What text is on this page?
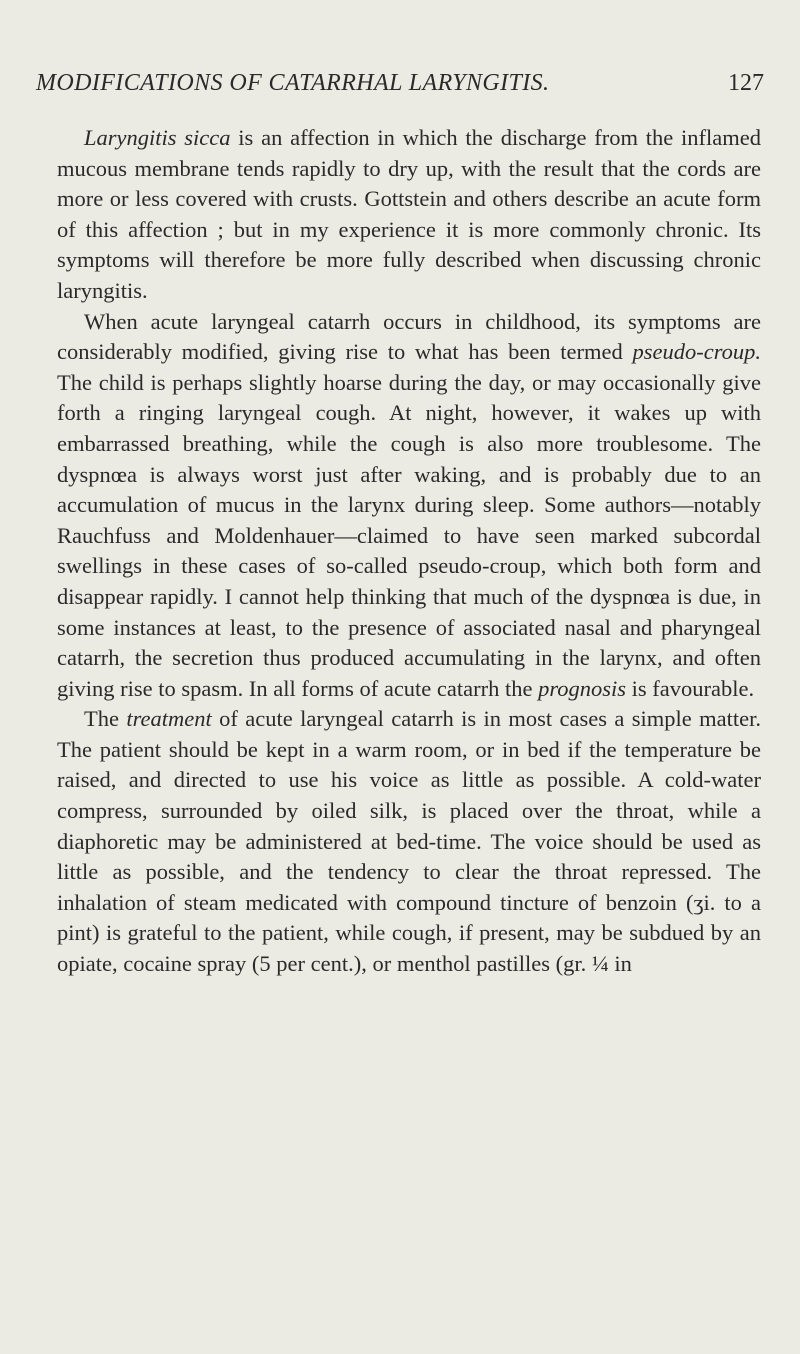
MODIFICATIONS OF CATARRHAL LARYNGITIS.	127

Laryngitis sicca is an affection in which the discharge from the inflamed mucous membrane tends rapidly to dry up, with the result that the cords are more or less covered with crusts. Gottstein and others describe an acute form of this affection ; but in my experience it is more commonly chronic. Its symptoms will therefore be more fully described when discussing chronic laryngitis.

When acute laryngeal catarrh occurs in childhood, its symptoms are considerably modified, giving rise to what has been termed pseudo-croup. The child is perhaps slightly hoarse during the day, or may occasionally give forth a ringing laryngeal cough. At night, however, it wakes up with embarrassed breathing, while the cough is also more troublesome. The dyspnœa is always worst just after waking, and is probably due to an accumulation of mucus in the larynx during sleep. Some authors—notably Rauchfuss and Moldenhauer—claimed to have seen marked subcordal swellings in these cases of so-called pseudo-croup, which both form and disappear rapidly. I cannot help thinking that much of the dyspnœa is due, in some instances at least, to the presence of associated nasal and pharyngeal catarrh, the secretion thus produced accumulating in the larynx, and often giving rise to spasm. In all forms of acute catarrh the prognosis is favourable.

The treatment of acute laryngeal catarrh is in most cases a simple matter. The patient should be kept in a warm room, or in bed if the temperature be raised, and directed to use his voice as little as possible. A cold-water compress, surrounded by oiled silk, is placed over the throat, while a diaphoretic may be administered at bed-time. The voice should be used as little as possible, and the tendency to clear the throat repressed. The inhalation of steam medicated with compound tincture of benzoin (ʒi. to a pint) is grateful to the patient, while cough, if present, may be subdued by an opiate, cocaine spray (5 per cent.), or menthol pastilles (gr. ¼ in
